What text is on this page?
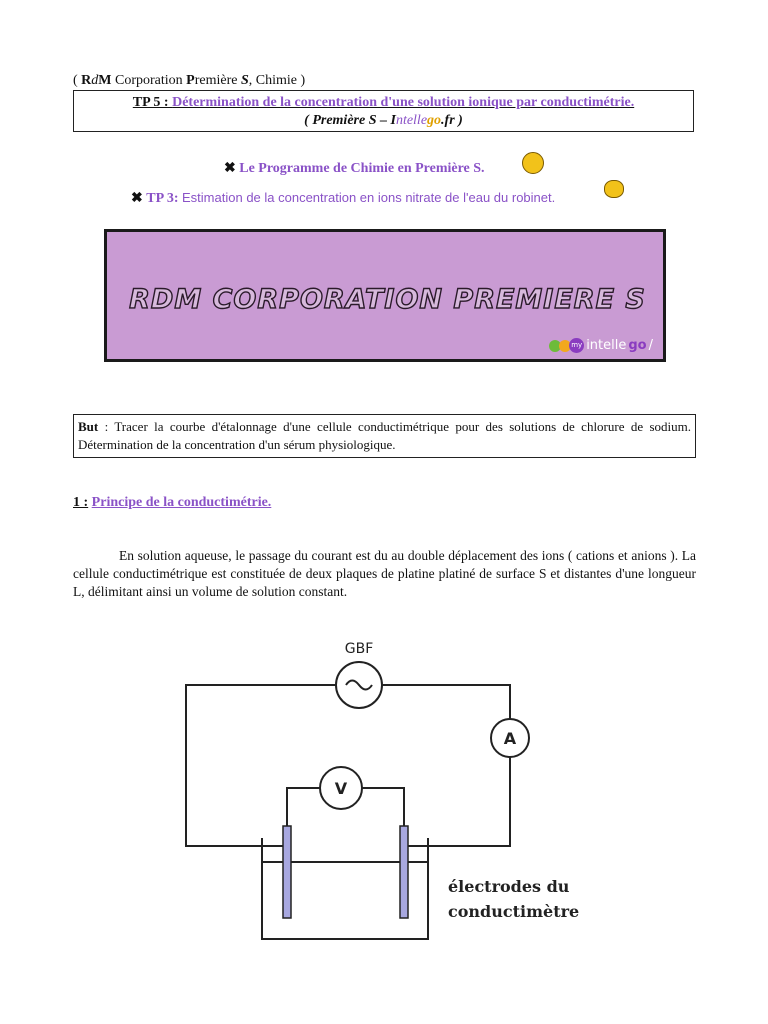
( RdM Corporation Première S, Chimie )
TP 5 : Détermination de la concentration d'une solution ionique par conductimétrie.
( Première S – Intellego.fr )
✖ Le Programme de Chimie en Première S.
✖ TP 3: Estimation de la concentration en ions nitrate de l'eau du robinet.
RDM CORPORATION PREMIERE S
my intelle go /
But : Tracer la courbe d'étalonnage d'une cellule conductimétrique pour des solutions de chlorure de sodium. Détermination de la concentration d'un sérum physiologique.
1 : Principe de la conductimétrie.
En solution aqueuse, le passage du courant est du au double déplacement des ions ( cations et anions ). La cellule conductimétrique est constituée de deux plaques de platine platiné de surface S et distantes d'une longueur L, délimitant ainsi un volume de solution constant.
GBF
A
V
électrodes du
conductimètre
